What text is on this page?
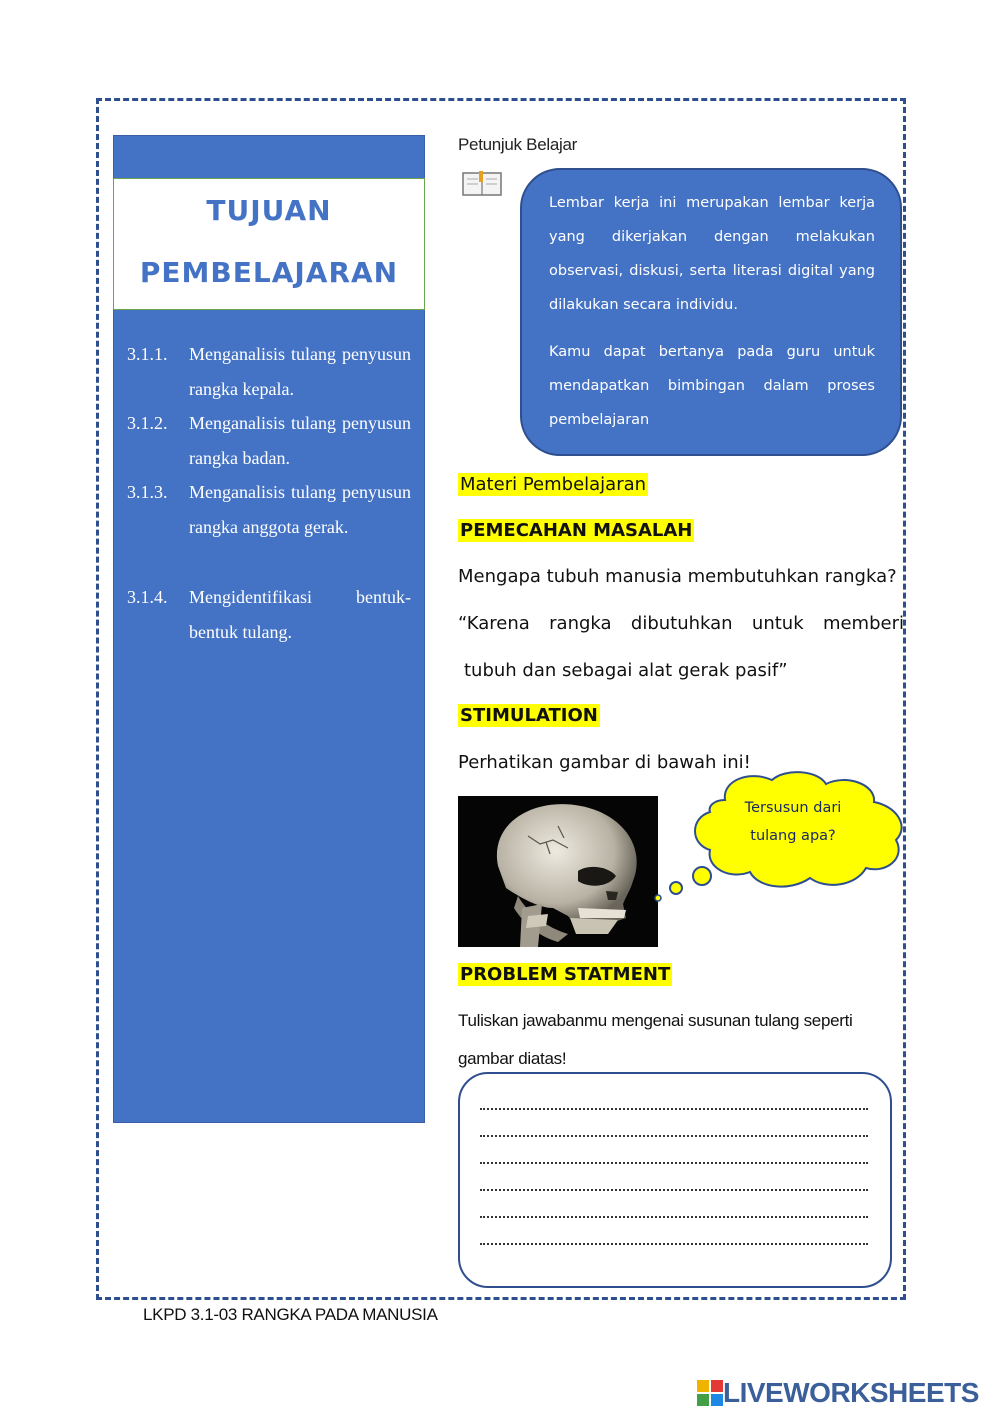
TUJUAN

PEMBELAJARAN

3.1.1. Menganalisis tulang penyusun rangka kepala.
3.1.2. Menganalisis tulang penyusun rangka badan.
3.1.3. Menganalisis tulang penyusun rangka anggota gerak.
3.1.4. Mengidentifikasi bentuk-bentuk tulang.
Petunjuk Belajar

Lembar kerja ini merupakan lembar kerja yang dikerjakan dengan melakukan observasi, diskusi, serta literasi digital yang dilakukan secara individu.

Kamu dapat bertanya pada guru untuk mendapatkan bimbingan dalam proses pembelajaran

Materi Pembelajaran
PEMECAHAN MASALAH
Mengapa tubuh manusia membutuhkan rangka?
“Karena rangka dibutuhkan untuk memberi
tubuh dan sebagai alat gerak pasif”
STIMULATION
Perhatikan gambar di bawah ini!
Tersusun dari
tulang apa?
PROBLEM STATMENT
Tuliskan jawabanmu mengenai susunan tulang seperti
gambar diatas!
LKPD 3.1-03 RANGKA PADA MANUSIA
LIVEWORKSHEETS
